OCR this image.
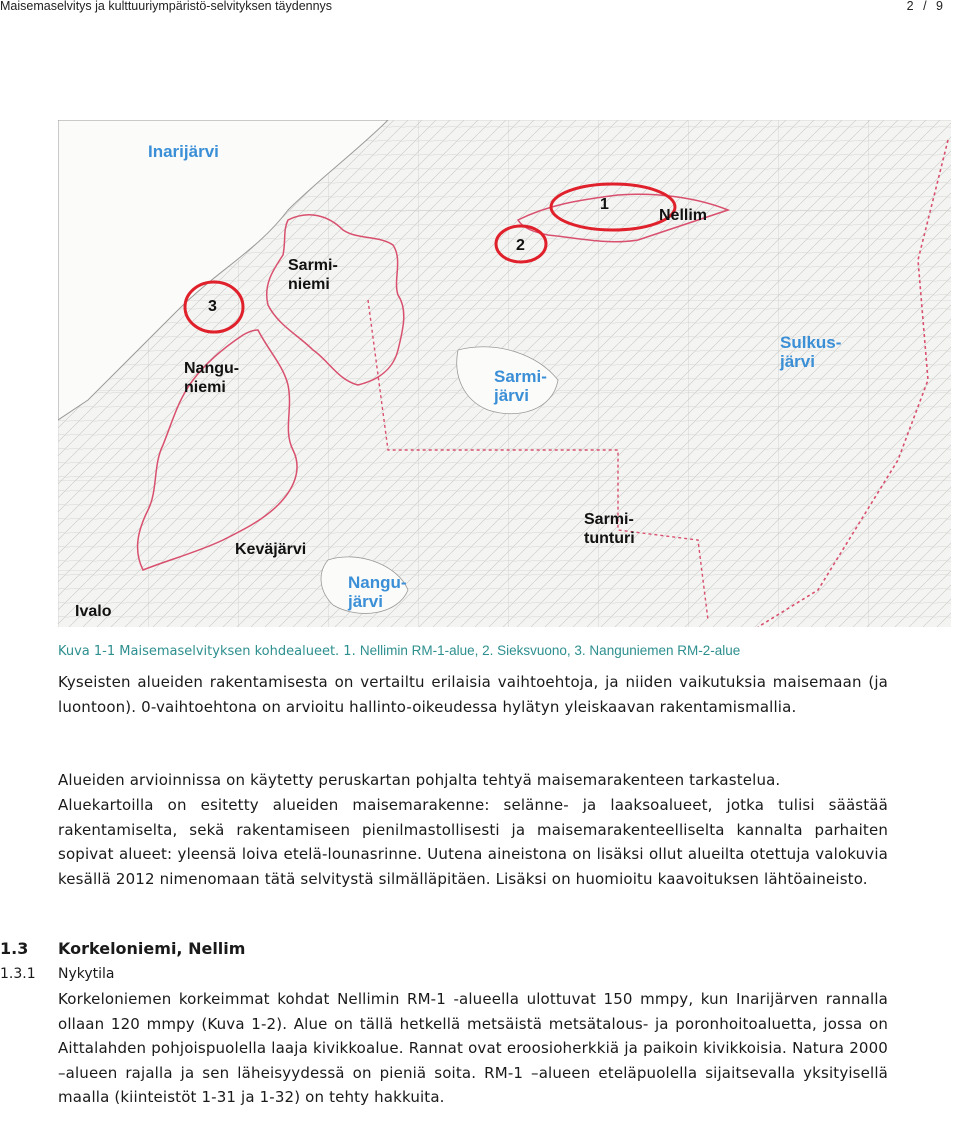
Maisemaselvitys ja kulttuuriympäristö-selvityksen täydennys	2 / 9
Inarijärvi
Nellim
Sarmi-
niemi
Nangu-
niemi
Sarmi-
järvi
Sulkus-
järvi
Sarmi-
tunturi
Keväjärvi
Nangu-
järvi
Ivalo
1
2
3
Kuva 1-1 Maisemaselvityksen kohdealueet. 1. Nellimin RM-1-alue, 2. Sieksvuono, 3. Nanguniemen RM-2-alue
Kyseisten alueiden rakentamisesta on vertailtu erilaisia vaihtoehtoja, ja niiden vaikutuksia maisemaan (ja luontoon). 0-vaihtoehtona on arvioitu hallinto-oikeudessa hylätyn yleiskaavan rakentamismallia.
Alueiden arvioinnissa on käytetty peruskartan pohjalta tehtyä maisemarakenteen tarkastelua.
Aluekartoilla on esitetty alueiden maisemarakenne: selänne- ja laaksoalueet, jotka tulisi säästää rakentamiselta, sekä rakentamiseen pienilmastollisesti ja maisemarakenteelliselta kannalta parhaiten sopivat alueet: yleensä loiva etelä-lounasrinne. Uutena aineistona on lisäksi ollut alueilta otettuja valokuvia kesällä 2012 nimenomaan tätä selvitystä silmälläpitäen. Lisäksi on huomioitu kaavoituksen lähtöaineisto.
1.3 Korkeloniemi, Nellim
1.3.1 Nykytila
Korkeloniemen korkeimmat kohdat Nellimin RM-1 -alueella ulottuvat 150 mmpy, kun Inarijärven rannalla ollaan 120 mmpy (Kuva 1-2). Alue on tällä hetkellä metsäistä metsätalous- ja poronhoitoaluetta, jossa on Aittalahden pohjoispuolella laaja kivikkoalue. Rannat ovat eroosioherkkiä ja paikoin kivikkoisia. Natura 2000 –alueen rajalla ja sen läheisyydessä on pieniä soita. RM-1 –alueen eteläpuolella sijaitsevalla yksityisellä maalla (kiinteistöt 1-31 ja 1-32) on tehty hakkuita.
